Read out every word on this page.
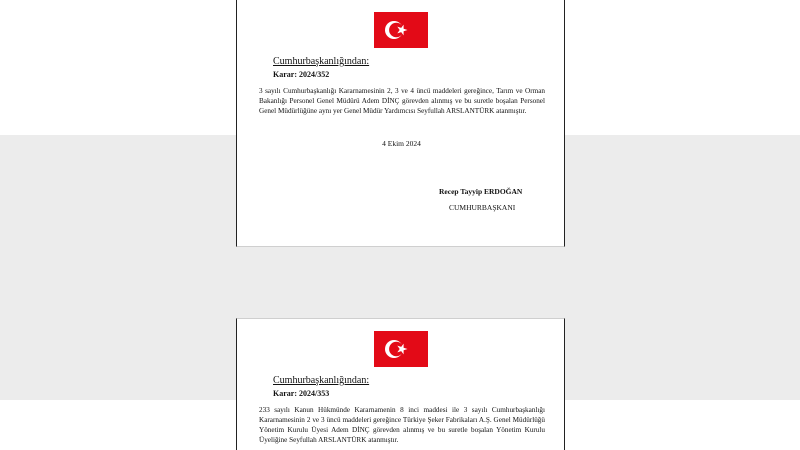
Cumhurbaşkanlığından:
Karar: 2024/352
3 sayılı Cumhurbaşkanlığı Kararnamesinin 2, 3 ve 4 üncü maddeleri gereğince, Tarım ve Orman Bakanlığı Personel Genel Müdürü Adem DİNÇ görevden alınmış ve bu suretle boşalan Personel Genel Müdürlüğüne aynı yer Genel Müdür Yardımcısı Seyfullah ARSLANTÜRK atanmıştır.
4 Ekim 2024
Recep Tayyip ERDOĞAN
CUMHURBAŞKANI
Cumhurbaşkanlığından:
Karar: 2024/353
233 sayılı Kanun Hükmünde Kararnamenin 8 inci maddesi ile 3 sayılı Cumhurbaşkanlığı Kararnamesinin 2 ve 3 üncü maddeleri gereğince Türkiye Şeker Fabrikaları A.Ş. Genel Müdürlüğü Yönetim Kurulu Üyesi Adem DİNÇ görevden alınmış ve bu suretle boşalan Yönetim Kurulu Üyeliğine Seyfullah ARSLANTÜRK atanmıştır.
